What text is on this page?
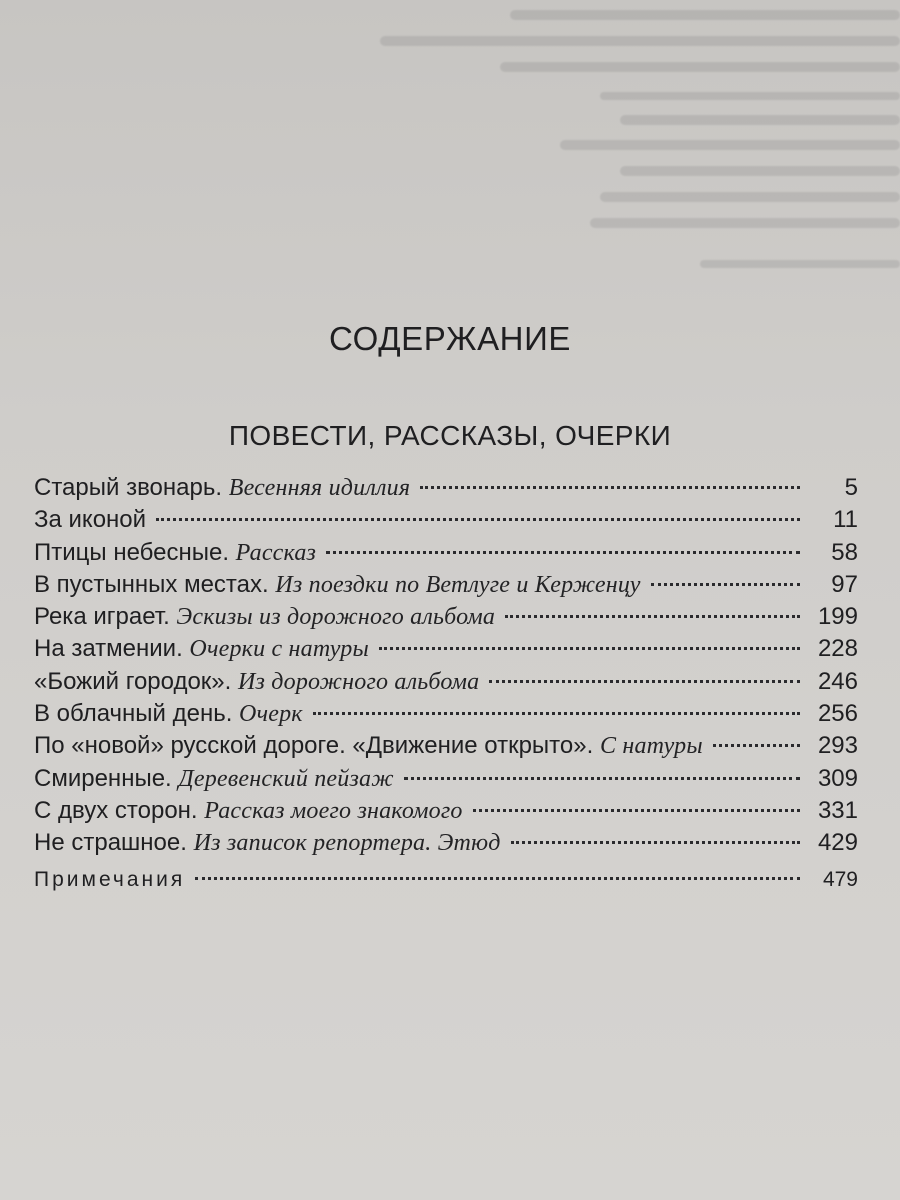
СОДЕРЖАНИЕ
ПОВЕСТИ, РАССКАЗЫ, ОЧЕРКИ
Старый звонарь. Весенняя идиллия	5
За иконой	11
Птицы небесные. Рассказ	58
В пустынных местах. Из поездки по Ветлуге и Керженцу	97
Река играет. Эскизы из дорожного альбома	199
На затмении. Очерки с натуры	228
«Божий городок». Из дорожного альбома	246
В облачный день. Очерк	256
По «новой» русской дороге. «Движение открыто». С натуры	293
Смиренные. Деревенский пейзаж	309
С двух сторон. Рассказ моего знакомого	331
Не страшное. Из записок репортера. Этюд	429
Примечания	479
